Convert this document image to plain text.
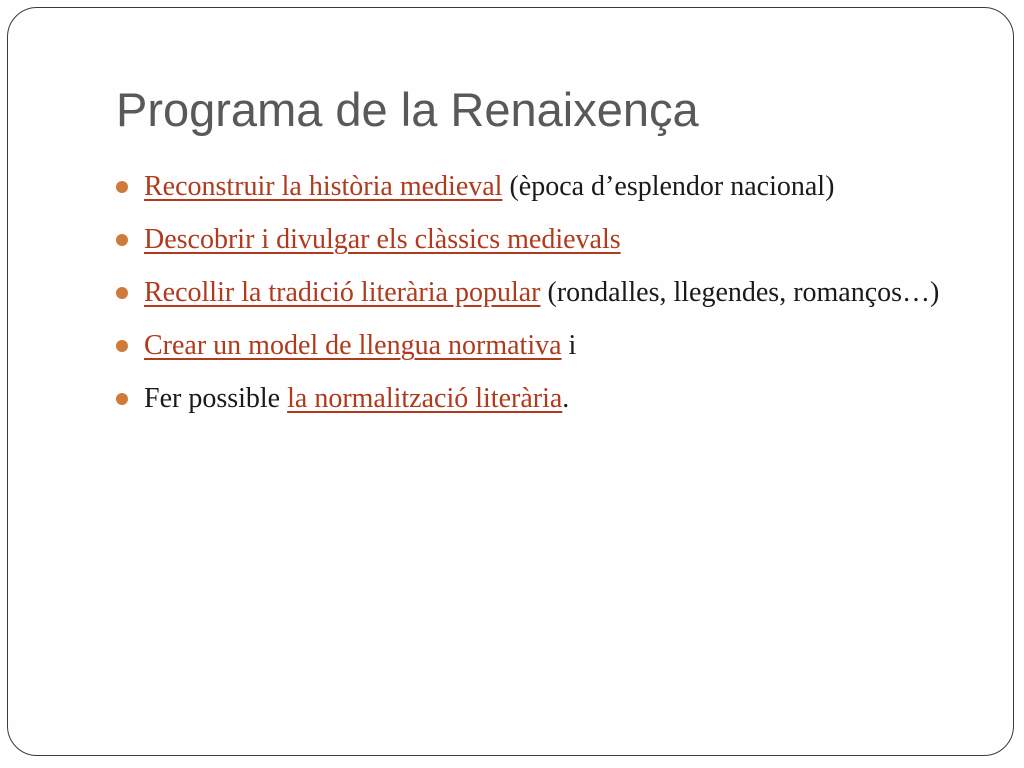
Programa de la Renaixença
Reconstruir la història medieval (època d’esplendor nacional)
Descobrir i divulgar els clàssics medievals
Recollir la tradició literària popular (rondalles, llegendes, romanços…)
Crear un model de llengua normativa i
Fer possible la normalització literària.
